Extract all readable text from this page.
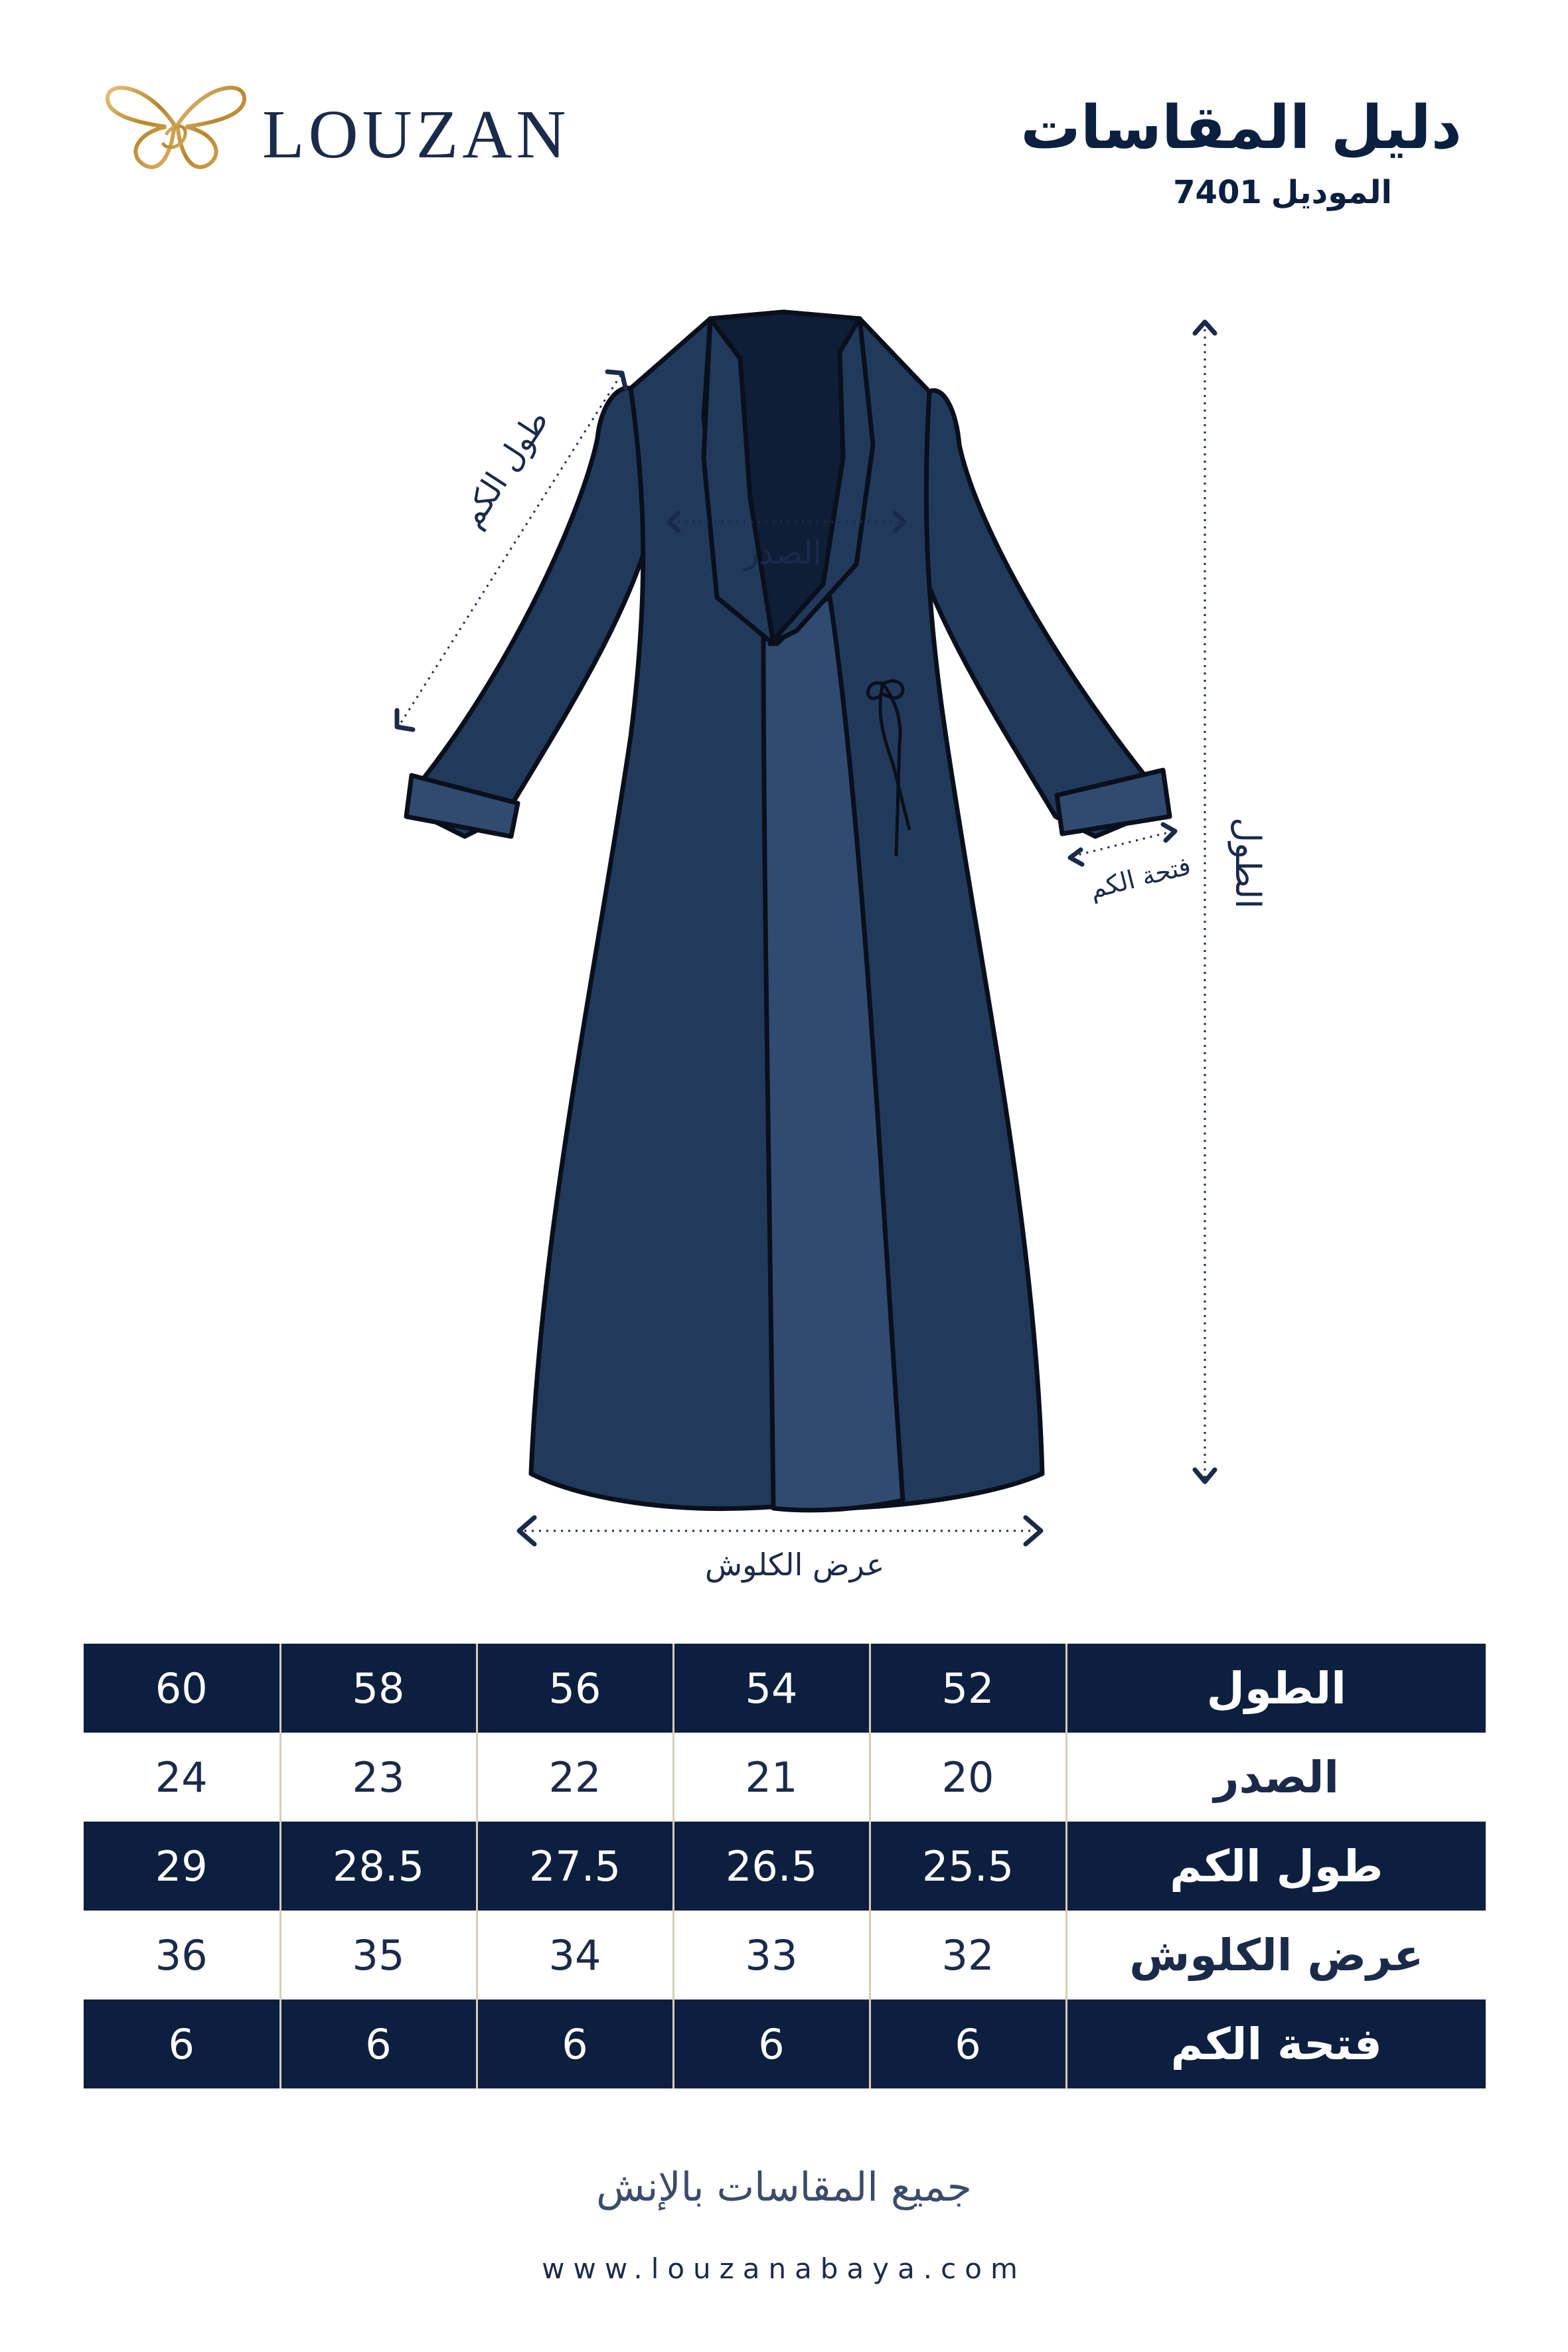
LOUZAN	دليل المقاسات
الموديل7401
طول الكم
الصدر
فتحة الكم الطول
عرض الكلوش
60	58	56	54	52	الطول
24	23	22	21	20	الصدر
29	28.5	27.5	26.5	25.5	طول الكم
36	35	34	33	32	عرض الكلوش
6	6	6	6	6	فتحة الكم
جميع المقاسات بالإنش
www.louzanabaya.com
